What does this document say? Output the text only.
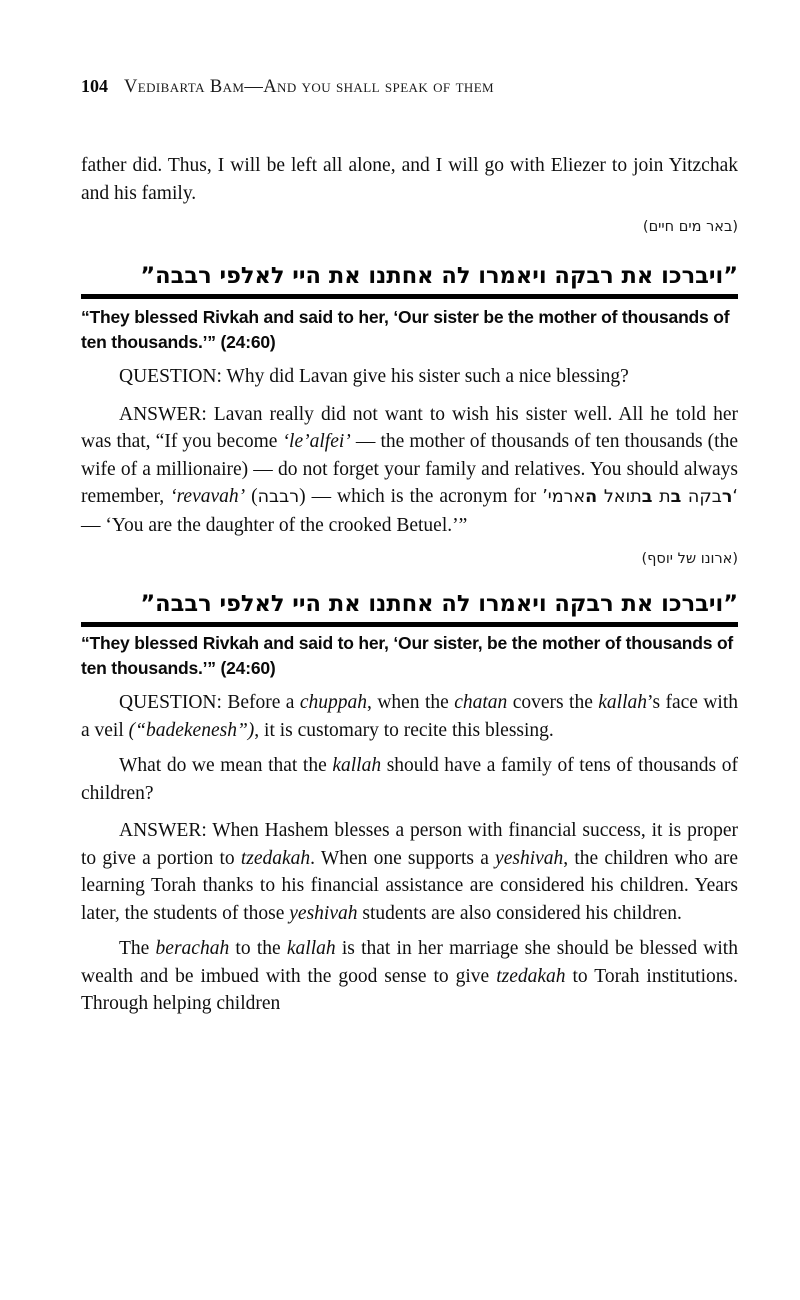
104 Vedibarta Bam—And you shall speak of them

father did. Thus, I will be left all alone, and I will go with Eliezer to join Yitzchak and his family.

(באר מים חיים)
”ויברכו את רבקה ויאמרו לה אחתנו את היי לאלפי רבבה”
“They blessed Rivkah and said to her, ‘Our sister be the mother of thousands of ten thousands.’” (24:60)

QUESTION: Why did Lavan give his sister such a nice blessing?

ANSWER: Lavan really did not want to wish his sister well. All he told her was that, “If you become ‘le’alfei’ — the mother of thousands of ten thousands (the wife of a millionaire) — do not forget your family and relatives. You should always remember, ‘revavah’ (רבבה) — which is the acronym for	‘רבקה בת בתואל הארמי’ — ‘You are the daughter of the crooked Betuel.’”

(ארונו של יוסף)
”ויברכו את רבקה ויאמרו לה אחתנו את היי לאלפי רבבה”
“They blessed Rivkah and said to her, ‘Our sister, be the mother of thousands of ten thousands.’” (24:60)

QUESTION: Before a chuppah, when the chatan covers the kallah’s face with a veil (“badekenesh”), it is customary to recite this blessing.

What do we mean that the kallah should have a family of tens of thousands of children?

ANSWER: When Hashem blesses a person with financial success, it is proper to give a portion to tzedakah. When one supports a yeshivah, the children who are learning Torah thanks to his financial assistance are considered his children. Years later, the students of those yeshivah students are also considered his children.

The berachah to the kallah is that in her marriage she should be blessed with wealth and be imbued with the good sense to give tzedakah to Torah institutions. Through helping children
